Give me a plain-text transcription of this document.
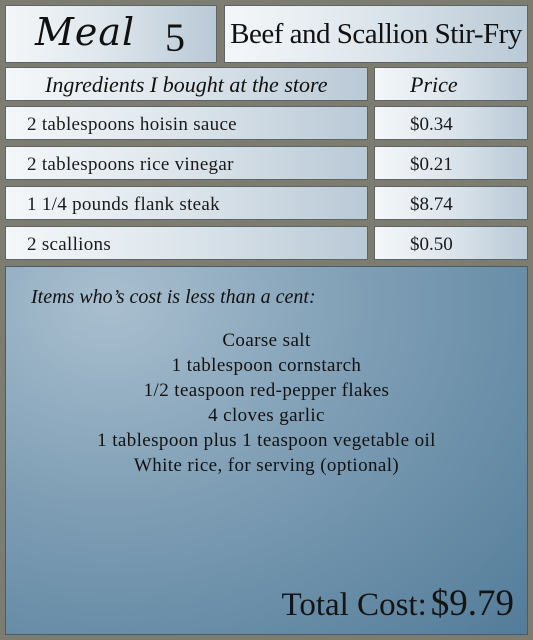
Meal 5 Beef and Scallion Stir-Fry
Ingredients I bought at the store	Price
2 tablespoons hoisin sauce	$0.34
2 tablespoons rice vinegar	$0.21
1 1/4 pounds flank steak	$8.74
2 scallions	$0.50
Items who’s cost is less than a cent:
Coarse salt
1 tablespoon cornstarch
1/2 teaspoon red-pepper flakes
4 cloves garlic
1 tablespoon plus 1 teaspoon vegetable oil
White rice, for serving (optional)
Total Cost: $9.79
